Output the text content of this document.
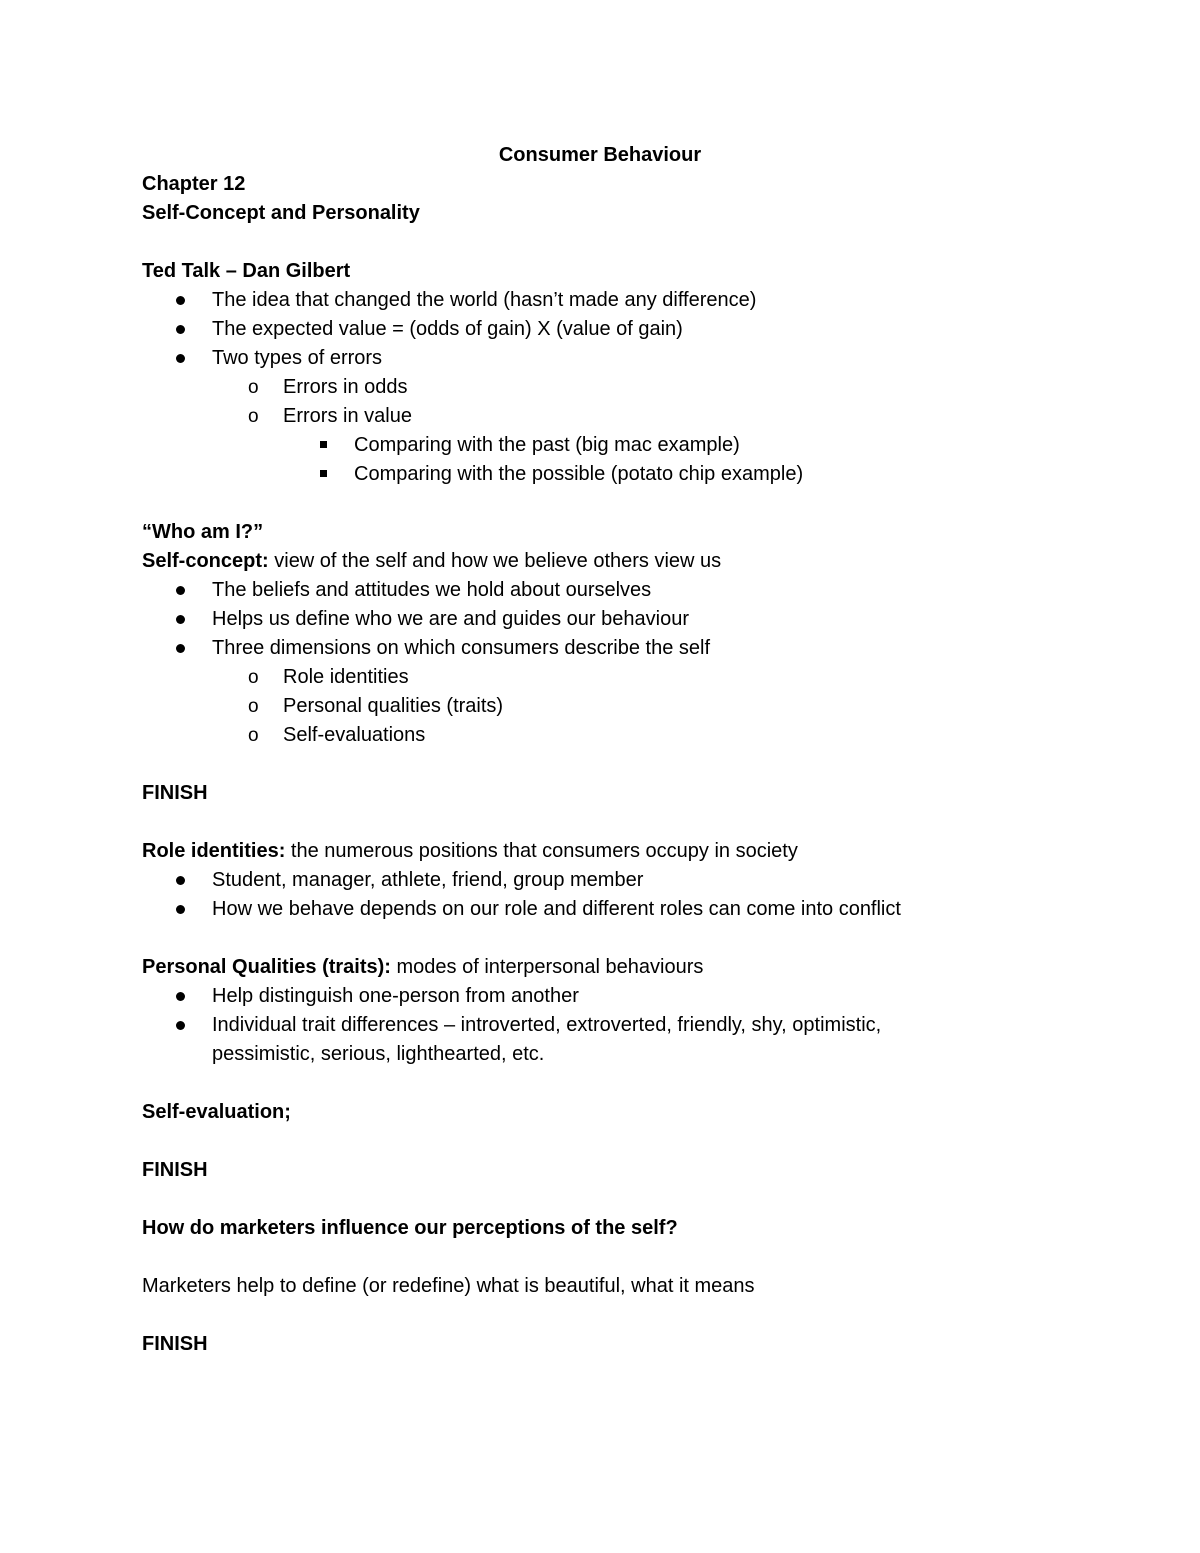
Consumer Behaviour
Chapter 12
Self-Concept and Personality
Ted Talk – Dan Gilbert
The idea that changed the world (hasn’t made any difference)
The expected value = (odds of gain) X (value of gain)
Two types of errors
o Errors in odds
o Errors in value
Comparing with the past (big mac example)
Comparing with the possible (potato chip example)
“Who am I?”
Self-concept: view of the self and how we believe others view us
The beliefs and attitudes we hold about ourselves
Helps us define who we are and guides our behaviour
Three dimensions on which consumers describe the self
o Role identities
o Personal qualities (traits)
o Self-evaluations
FINISH
Role identities: the numerous positions that consumers occupy in society
Student, manager, athlete, friend, group member
How we behave depends on our role and different roles can come into conflict
Personal Qualities (traits): modes of interpersonal behaviours
Help distinguish one-person from another
Individual trait differences – introverted, extroverted, friendly, shy, optimistic, pessimistic, serious, lighthearted, etc.
Self-evaluation;
FINISH
How do marketers influence our perceptions of the self?
Marketers help to define (or redefine) what is beautiful, what it means
FINISH
